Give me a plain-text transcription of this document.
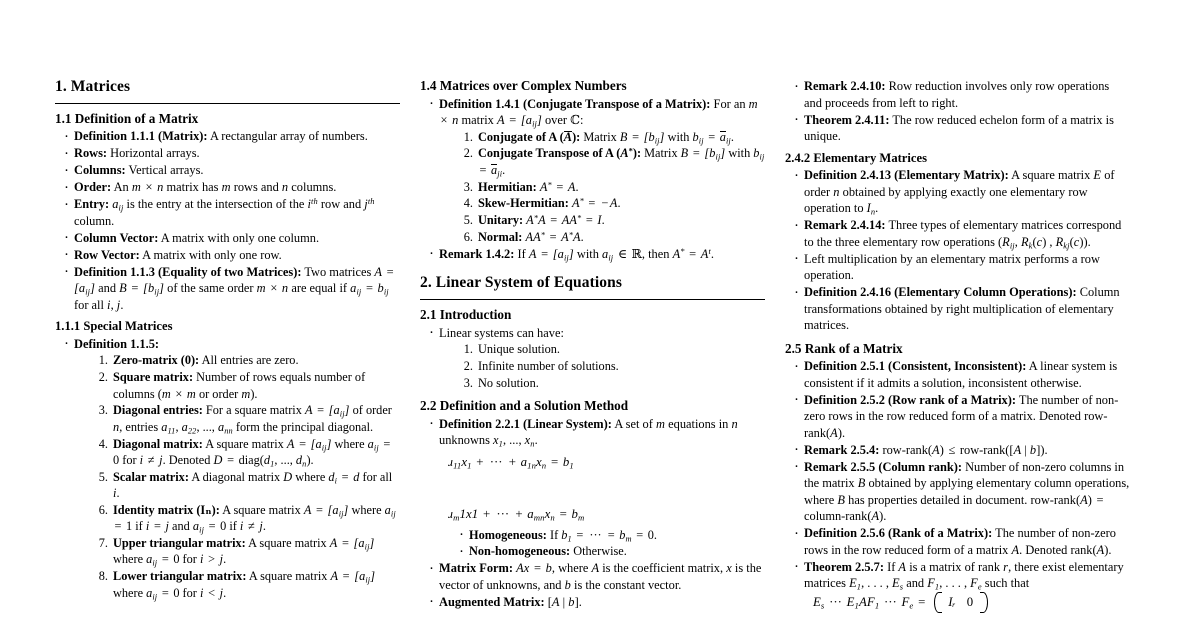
1. Matrices
1.1 Definition of a Matrix
· Definition 1.1.1 (Matrix): A rectangular array of numbers.
· Rows: Horizontal arrays.
· Columns: Vertical arrays.
· Order: An m × n matrix has m rows and n columns.
· Entry: $a_{ij}$ is the entry at the intersection of the $i^{th}$ row and $j^{th}$ column.
· Column Vector: A matrix with only one column.
· Row Vector: A matrix with only one row.
· Definition 1.1.3 (Equality of two Matrices): Two matrices $A = [a_{ij}]$ and $B = [b_{ij}]$ of the same order m × n are equal if $a_{ij} = b_{ij}$ for all i, j.
1.1.1 Special Matrices
· Definition 1.1.5:
Zero-matrix (0): All entries are zero.
Square matrix: Number of rows equals number of columns (m × m or order m).
Diagonal entries: For a square matrix $A = [a_{ij}]$ of order n, entries $a_{11}$, $a_{22}$, ..., $a_{nn}$ form the principal diagonal.
Diagonal matrix: A square matrix $A = [a_{ij}]$ where $a_{ij} = 0$ for i ≠ j. Denoted $D = diag(d_1$, ..., $d_n$).
Scalar matrix: A diagonal matrix D where $d_i = d$ for all i.
Identity matrix (Iₙ): A square matrix $A = [a_{ij}]$ where $a_{ij} = 1$ if i = j and $a_{ij} = 0$ if i ≠ j.
Upper triangular matrix: A square matrix $A = [a_{ij}]$ where $a_{ij} = 0$ for i > j.
Lower triangular matrix: A square matrix $A = [a_{ij}]$ where $a_{ij} = 0$ for i < j.
1.4 Matrices over Complex Numbers
· Definition 1.4.1 (Conjugate Transpose of a Matrix): For an m × n matrix $A = [a_{ij}]$ over ℂ:
Conjugate of A (A): Matrix $B = [b_{ij}]$ with $b_{ij} = a_{ij}$.
Conjugate Transpose of A (A*): Matrix $B = [b_{ij}]$ with $b_{ij} = a_{ji}$.
Hermitian: A* = A.
Skew-Hermitian: A* = − A.
Unitary: A*A = AA* = I.
Normal: AA* = A*A.
· Remark 1.4.2: If $A = [a_{ij}]$ with $a_{ij}$ ∈ ℝ, then $A^* = A^t$.
2. Linear System of Equations
2.1 Introduction
· Linear systems can have:
Unique solution.
Infinite number of solutions.
No solution.
2.2 Definition and a Solution Method
· Definition 2.2.1 (Linear System): A set of m equations in n unknowns $x_1$, ..., $x_n$.
$ɹ_{11}x_1$ + ··· + $a_{1n}x_n = b_1$
ɹ$_m$1x1 + ··· + $a_{mn}x_n = b_m$
· Homogeneous: If $b_1$ = ··· = $b_m = 0$.
· Non-homogeneous: Otherwise.
· Matrix Form: Ax = b, where A is the coefficient matrix, x is the vector of unknowns, and b is the constant vector.
· Augmented Matrix: [A | b].
· Remark 2.4.10: Row reduction involves only row operations and proceeds from left to right.
· Theorem 2.4.11: The row reduced echelon form of a matrix is unique.
2.4.2 Elementary Matrices
· Definition 2.4.13 (Elementary Matrix): A square matrix E of order n obtained by applying exactly one elementary row operation to $I_n$.
· Remark 2.4.14: Three types of elementary matrices correspond to the three elementary row operations ($R_{ij}$, $R_k(c)$ , $R_{kj}(c)$).
· Left multiplication by an elementary matrix performs a row operation.
· Definition 2.4.16 (Elementary Column Operations): Column transformations obtained by right multiplication of elementary matrices.
2.5 Rank of a Matrix
· Definition 2.5.1 (Consistent, Inconsistent): A linear system is consistent if it admits a solution, inconsistent otherwise.
· Definition 2.5.2 (Row rank of a Matrix): The number of non-zero rows in the row reduced form of a matrix. Denoted row-rank(A).
· Remark 2.5.4: row-rank(A) ≤ row-rank([A | b]).
· Remark 2.5.5 (Column rank): Number of non-zero columns in the matrix B obtained by applying elementary column operations, where B has properties detailed in document. row-rank(A) = column-rank(A).
· Definition 2.5.6 (Rank of a Matrix): The number of non-zero rows in the row reduced form of a matrix A. Denoted rank(A).
· Theorem 2.5.7: If A is a matrix of rank r, there exist elementary matrices $E_1$, . . . , $E_s$ and $F_1$, . . . , $F_e$ such that
$E_s$ ··· $E_1AF_1$ ··· $F_e$ = Iᵣ 0
